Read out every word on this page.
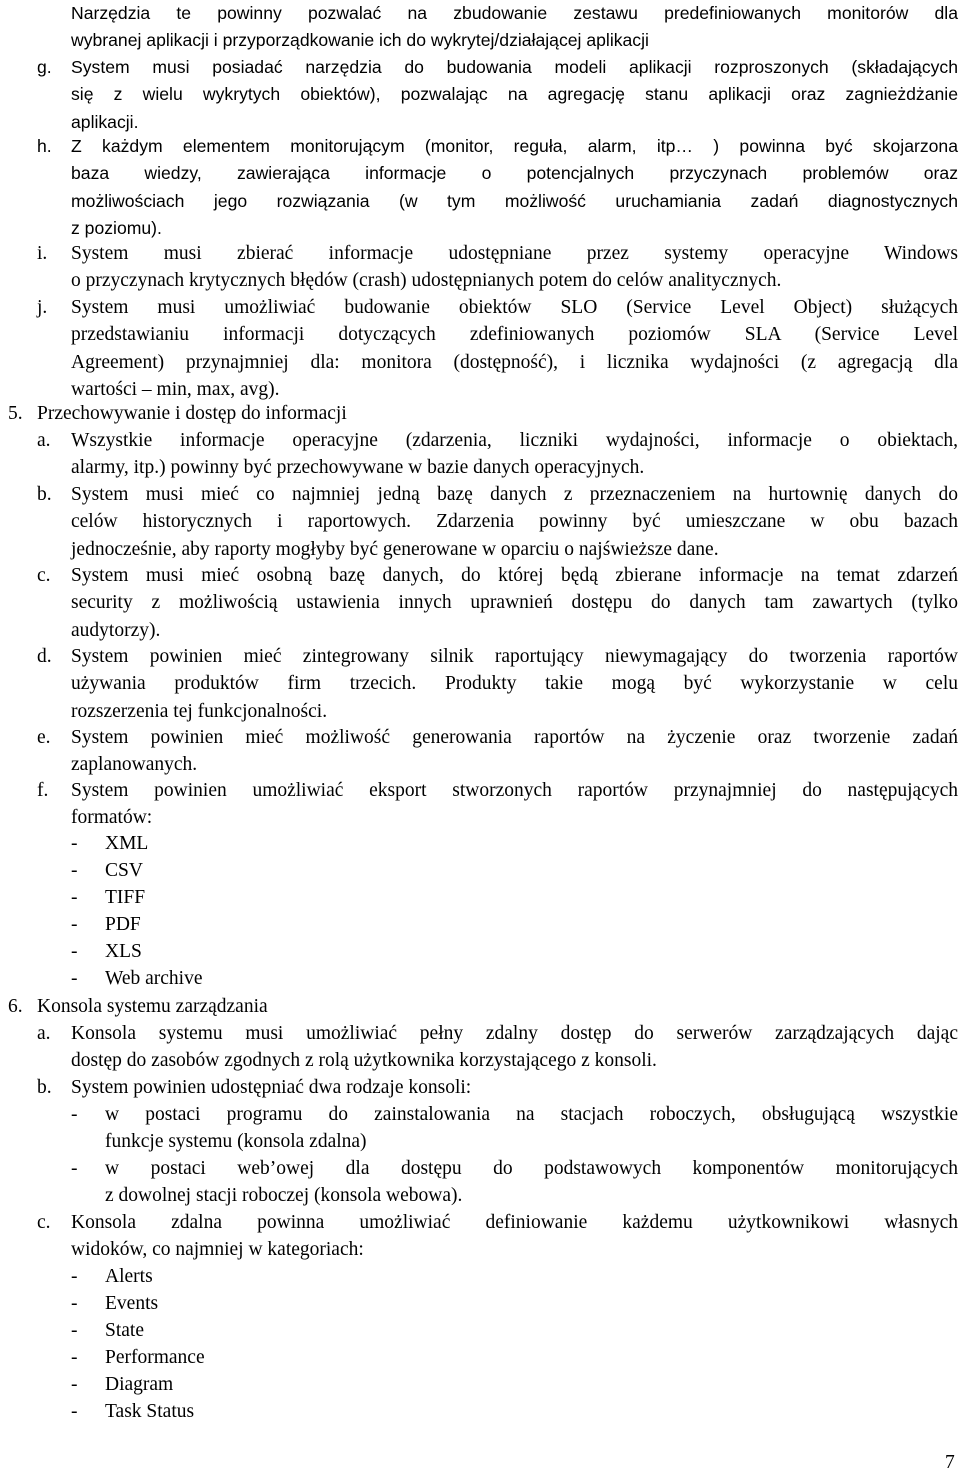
Narzędzia te powinny pozwalać na zbudowanie zestawu predefiniowanych monitorów dla
wybranej aplikacji i przyporządkowanie ich do wykrytej/działającej aplikacji
g. System musi posiadać narzędzia do budowania modeli aplikacji rozproszonych (składających
się z wielu wykrytych obiektów), pozwalając na agregację stanu aplikacji oraz zagnieżdżanie
aplikacji.
h. Z każdym elementem monitorującym (monitor, reguła, alarm, itp… ) powinna być skojarzona
baza wiedzy, zawierająca informacje o potencjalnych przyczynach problemów oraz
możliwościach jego rozwiązania (w tym możliwość uruchamiania zadań diagnostycznych
z poziomu).
i. System musi zbierać informacje udostępniane przez systemy operacyjne Windows
o przyczynach krytycznych błędów (crash) udostępnianych potem do celów analitycznych.
j. System musi umożliwiać budowanie obiektów SLO (Service Level Object) służących
przedstawianiu informacji dotyczących zdefiniowanych poziomów SLA (Service Level
Agreement) przynajmniej dla: monitora (dostępność), i licznika wydajności (z agregacją dla
wartości – min, max, avg).
5. Przechowywanie i dostęp do informacji
a. Wszystkie informacje operacyjne (zdarzenia, liczniki wydajności, informacje o obiektach,
alarmy, itp.) powinny być przechowywane w bazie danych operacyjnych.
b. System musi mieć co najmniej jedną bazę danych z przeznaczeniem na hurtownię danych do
celów historycznych i raportowych. Zdarzenia powinny być umieszczane w obu bazach
jednocześnie, aby raporty mogłyby być generowane w oparciu o najświeższe dane.
c. System musi mieć osobną bazę danych, do której będą zbierane informacje na temat zdarzeń
security z możliwością ustawienia innych uprawnień dostępu do danych tam zawartych (tylko
audytorzy).
d. System powinien mieć zintegrowany silnik raportujący niewymagający do tworzenia raportów
używania produktów firm trzecich. Produkty takie mogą być wykorzystanie w celu
rozszerzenia tej funkcjonalności.
e. System powinien mieć możliwość generowania raportów na życzenie oraz tworzenie zadań
zaplanowanych.
f. System powinien umożliwiać eksport stworzonych raportów przynajmniej do następujących
formatów:
- XML
- CSV
- TIFF
- PDF
- XLS
- Web archive
6. Konsola systemu zarządzania
a. Konsola systemu musi umożliwiać pełny zdalny dostęp do serwerów zarządzających dając
dostęp do zasobów zgodnych z rolą użytkownika korzystającego z konsoli.
b. System powinien udostępniać dwa rodzaje konsoli:
- w postaci programu do zainstalowania na stacjach roboczych, obsługującą wszystkie
funkcje systemu (konsola zdalna)
- w postaci web’owej dla dostępu do podstawowych komponentów monitorujących
z dowolnej stacji roboczej (konsola webowa).
c. Konsola zdalna powinna umożliwiać definiowanie każdemu użytkownikowi własnych
widoków, co najmniej w kategoriach:
- Alerts
- Events
- State
- Performance
- Diagram
- Task Status
7
